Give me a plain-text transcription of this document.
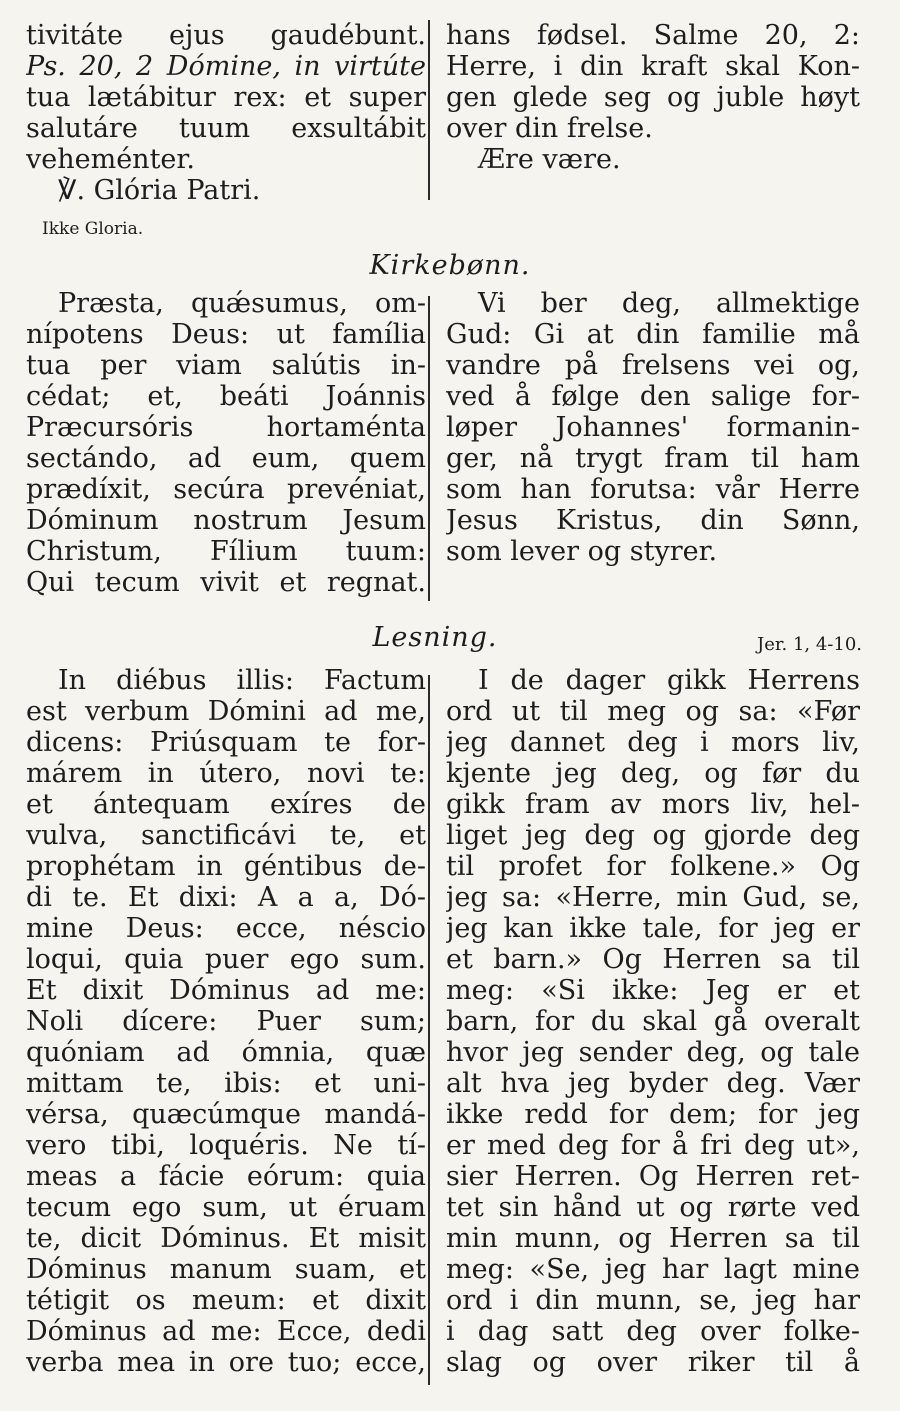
tivitáte ejus gaudébunt.
Ps. 20, 2 Dómine, in virtúte
tua lætábitur rex: et super
salutáre tuum exsultábit
veheménter.
℣. Glória Patri.
hans fødsel. Salme 20, 2:
Herre, i din kraft skal Kon-
gen glede seg og juble høyt
over din frelse.
Ære være.
Ikke Gloria.
Kirkebønn.
Præsta, quǽsumus, om-
nípotens Deus: ut família
tua per viam salútis in-
cédat; et, beáti Joánnis
Præcursóris hortaménta
sectándo, ad eum, quem
prædíxit, secúra prevéniat,
Dóminum nostrum Jesum
Christum, Fílium tuum:
Qui tecum vivit et regnat.
Vi ber deg, allmektige
Gud: Gi at din familie må
vandre på frelsens vei og,
ved å følge den salige for-
løper Johannes' formanin-
ger, nå trygt fram til ham
som han forutsa: vår Herre
Jesus Kristus, din Sønn,
som lever og styrer.
Lesning.	Jer. 1, 4-10.
In diébus illis: Factum
est verbum Dómini ad me,
dicens: Priúsquam te for-
márem in útero, novi te:
et ántequam exíres de
vulva, sanctificávi te, et
prophétam in géntibus de-
di te. Et dixi: A a a, Dó-
mine Deus: ecce, néscio
loqui, quia puer ego sum.
Et dixit Dóminus ad me:
Noli dícere: Puer sum;
quóniam ad ómnia, quæ
mittam te, ibis: et uni-
vérsa, quæcúmque mandá-
vero tibi, loquéris. Ne tí-
meas a fácie eórum: quia
tecum ego sum, ut éruam
te, dicit Dóminus. Et misit
Dóminus manum suam, et
tétigit os meum: et dixit
Dóminus ad me: Ecce, dedi
verba mea in ore tuo; ecce,
I de dager gikk Herrens
ord ut til meg og sa: «Før
jeg dannet deg i mors liv,
kjente jeg deg, og før du
gikk fram av mors liv, hel-
liget jeg deg og gjorde deg
til profet for folkene.» Og
jeg sa: «Herre, min Gud, se,
jeg kan ikke tale, for jeg er
et barn.» Og Herren sa til
meg: «Si ikke: Jeg er et
barn, for du skal gå overalt
hvor jeg sender deg, og tale
alt hva jeg byder deg. Vær
ikke redd for dem; for jeg
er med deg for å fri deg ut»,
sier Herren. Og Herren ret-
tet sin hånd ut og rørte ved
min munn, og Herren sa til
meg: «Se, jeg har lagt mine
ord i din munn, se, jeg har
i dag satt deg over folke-
slag og over riker til å
